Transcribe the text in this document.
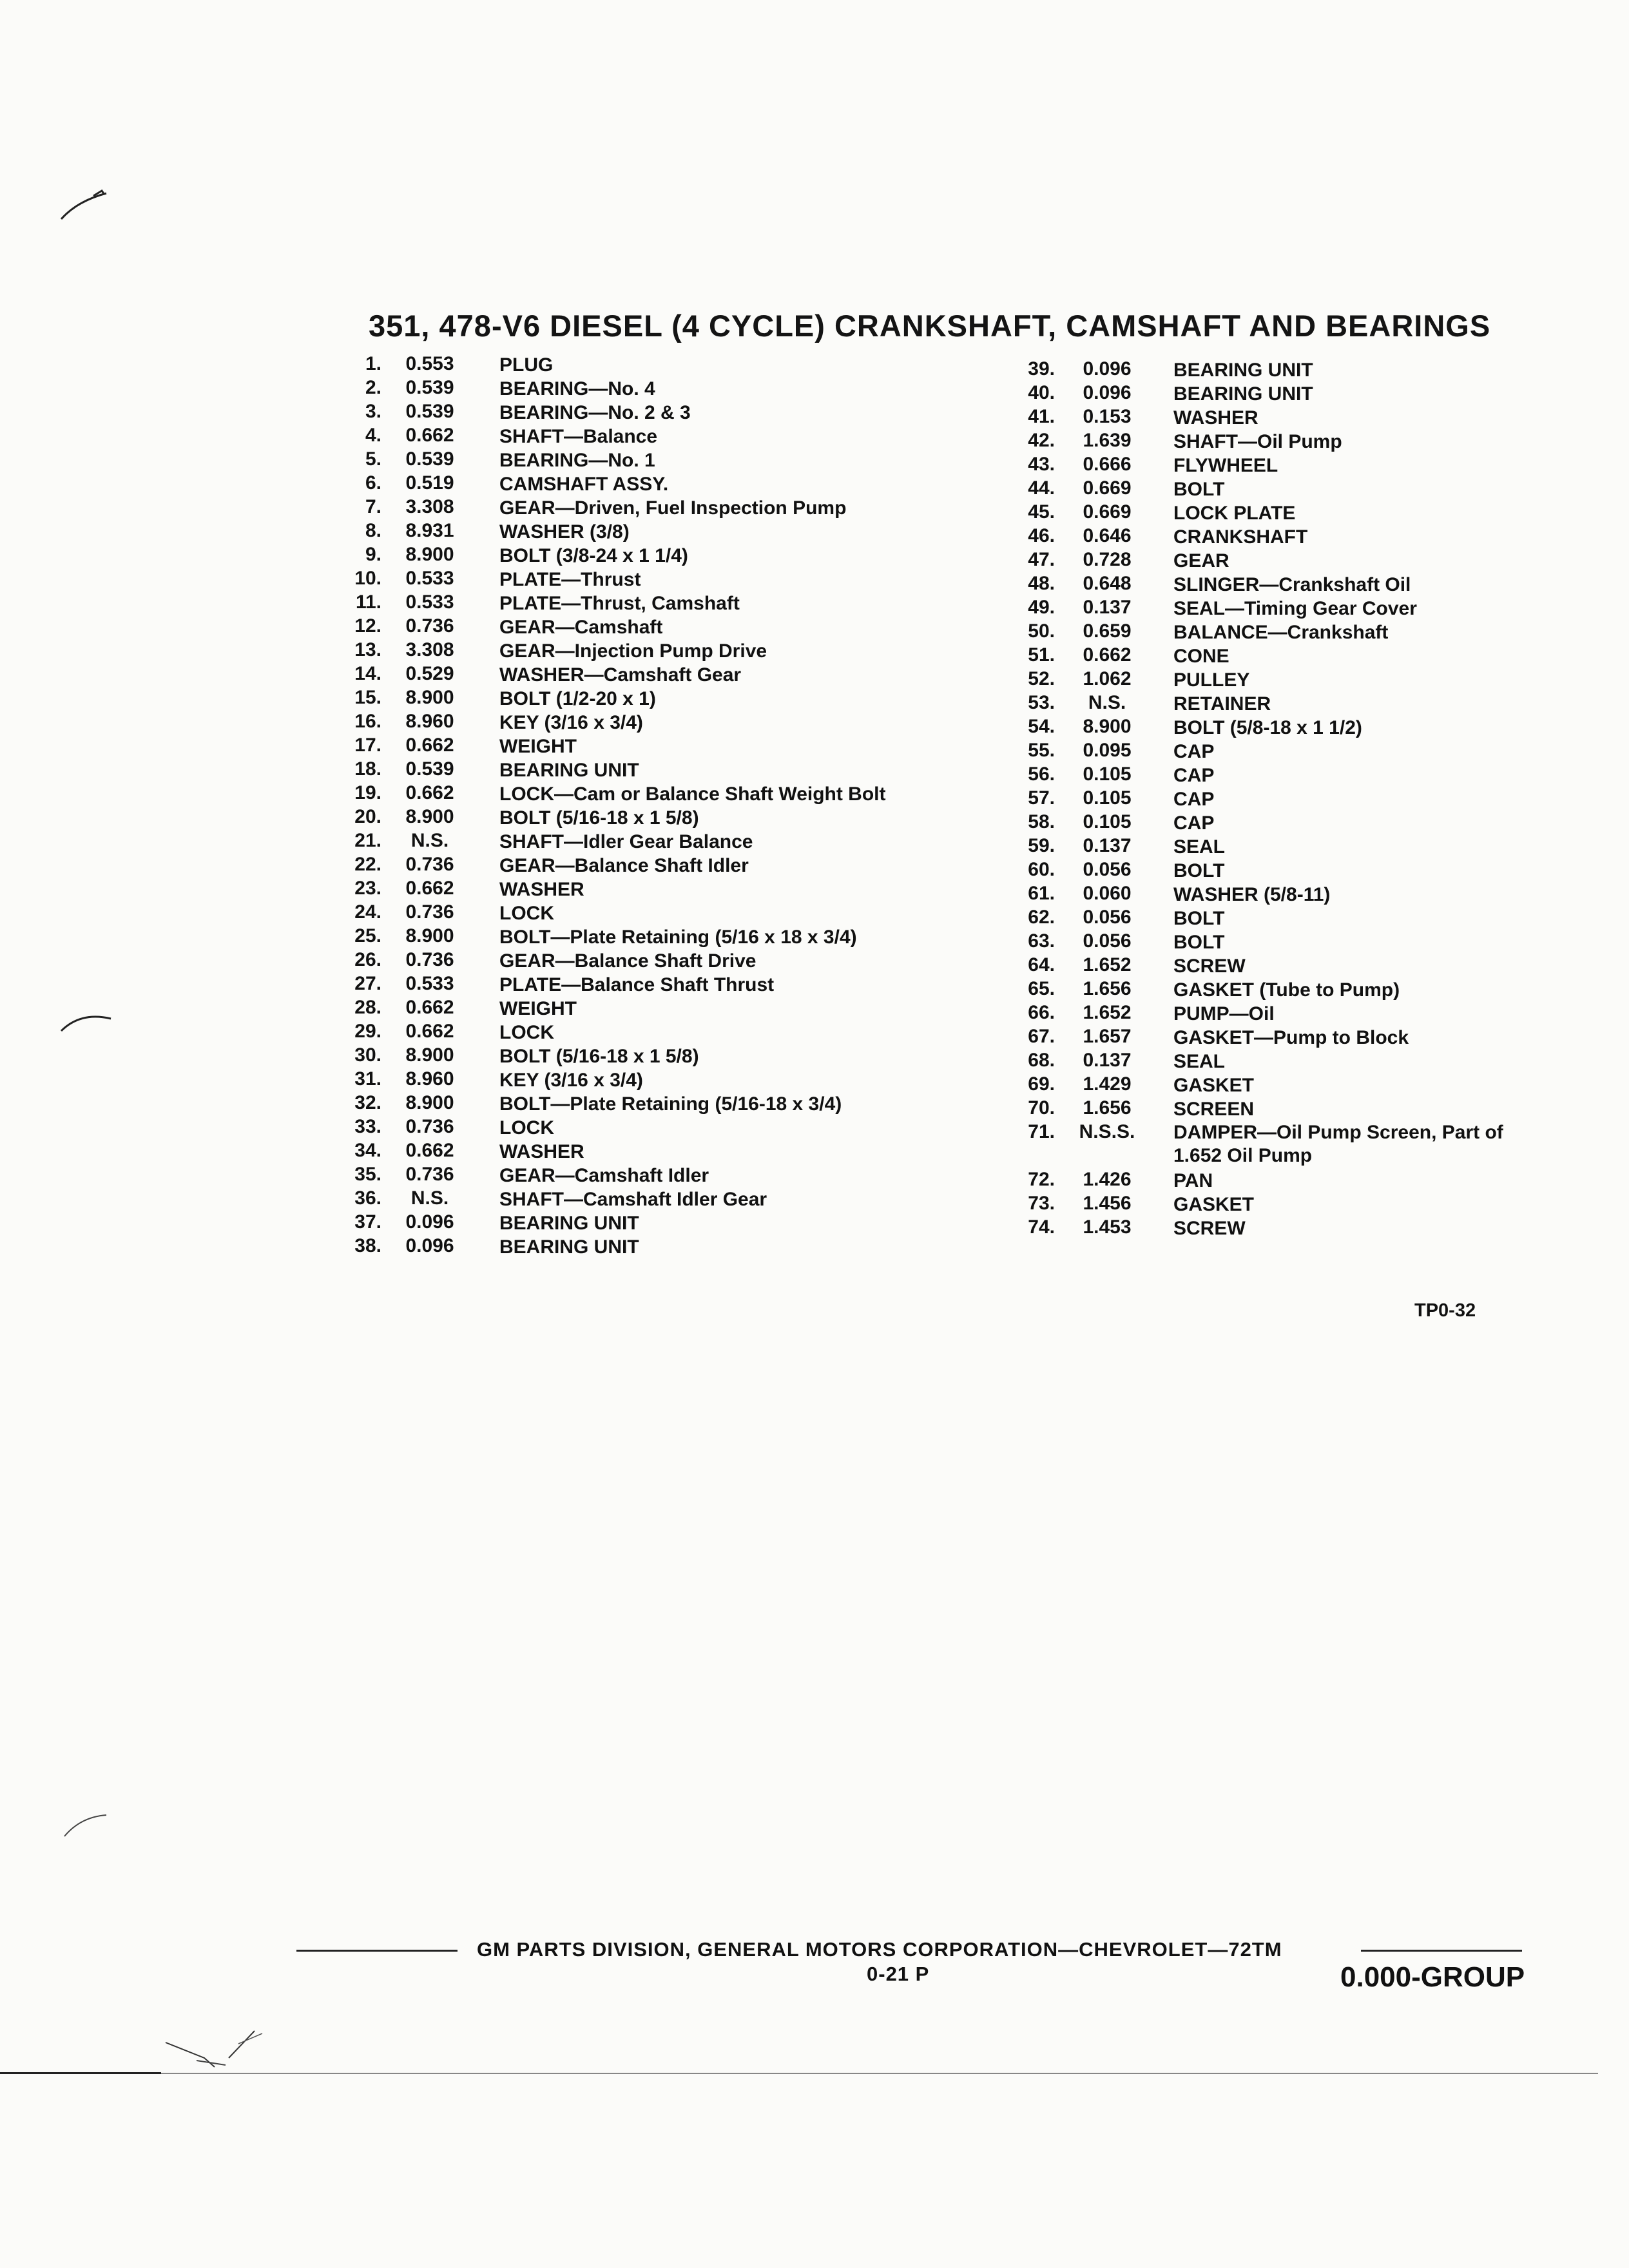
351, 478-V6 DIESEL (4 CYCLE) CRANKSHAFT, CAMSHAFT AND BEARINGS
1.	0.553	PLUG
2.	0.539	BEARING—No. 4
3.	0.539	BEARING—No. 2 & 3
4.	0.662	SHAFT—Balance
5.	0.539	BEARING—No. 1
6.	0.519	CAMSHAFT ASSY.
7.	3.308	GEAR—Driven, Fuel Inspection Pump
8.	8.931	WASHER (3/8)
9.	8.900	BOLT (3/8-24 x 1 1/4)
10.	0.533	PLATE—Thrust
11.	0.533	PLATE—Thrust, Camshaft
12.	0.736	GEAR—Camshaft
13.	3.308	GEAR—Injection Pump Drive
14.	0.529	WASHER—Camshaft Gear
15.	8.900	BOLT (1/2-20 x 1)
16.	8.960	KEY (3/16 x 3/4)
17.	0.662	WEIGHT
18.	0.539	BEARING UNIT
19.	0.662	LOCK—Cam or Balance Shaft Weight Bolt
20.	8.900	BOLT (5/16-18 x 1 5/8)
21.	N.S.	SHAFT—Idler Gear Balance
22.	0.736	GEAR—Balance Shaft Idler
23.	0.662	WASHER
24.	0.736	LOCK
25.	8.900	BOLT—Plate Retaining (5/16 x 18 x 3/4)
26.	0.736	GEAR—Balance Shaft Drive
27.	0.533	PLATE—Balance Shaft Thrust
28.	0.662	WEIGHT
29.	0.662	LOCK
30.	8.900	BOLT (5/16-18 x 1 5/8)
31.	8.960	KEY (3/16 x 3/4)
32.	8.900	BOLT—Plate Retaining (5/16-18 x 3/4)
33.	0.736	LOCK
34.	0.662	WASHER
35.	0.736	GEAR—Camshaft Idler
36.	N.S.	SHAFT—Camshaft Idler Gear
37.	0.096	BEARING UNIT
38.	0.096	BEARING UNIT
39.	0.096	BEARING UNIT
40.	0.096	BEARING UNIT
41.	0.153	WASHER
42.	1.639	SHAFT—Oil Pump
43.	0.666	FLYWHEEL
44.	0.669	BOLT
45.	0.669	LOCK PLATE
46.	0.646	CRANKSHAFT
47.	0.728	GEAR
48.	0.648	SLINGER—Crankshaft Oil
49.	0.137	SEAL—Timing Gear Cover
50.	0.659	BALANCE—Crankshaft
51.	0.662	CONE
52.	1.062	PULLEY
53.	N.S.	RETAINER
54.	8.900	BOLT (5/8-18 x 1 1/2)
55.	0.095	CAP
56.	0.105	CAP
57.	0.105	CAP
58.	0.105	CAP
59.	0.137	SEAL
60.	0.056	BOLT
61.	0.060	WASHER (5/8-11)
62.	0.056	BOLT
63.	0.056	BOLT
64.	1.652	SCREW
65.	1.656	GASKET (Tube to Pump)
66.	1.652	PUMP—Oil
67.	1.657	GASKET—Pump to Block
68.	0.137	SEAL
69.	1.429	GASKET
70.	1.656	SCREEN
71.	N.S.S.	DAMPER—Oil Pump Screen, Part of 1.652 Oil Pump
72.	1.426	PAN
73.	1.456	GASKET
74.	1.453	SCREW
TP0-32
GM PARTS DIVISION, GENERAL MOTORS CORPORATION—CHEVROLET—72TM
0-21 P	0.000-GROUP
